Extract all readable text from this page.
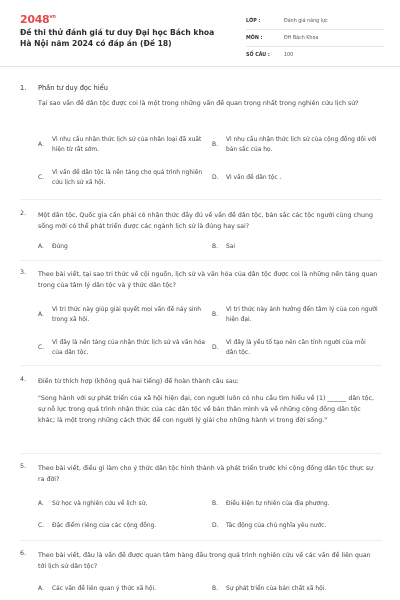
$2048^{vn}$
Đề thi thử đánh giá tư duy Đại học Bách khoa Hà Nội năm 2024 có đáp án (Đề 18)
LỚP :	Đánh giá năng lực
MÔN :	ĐH Bách Khoa
SỐ CÂU :	100
1. Phần tư duy đọc hiểu
Tại sao vấn đề dân tộc được coi là một trong những vấn đề quan trọng nhất trong nghiên cứu lịch sử?
A.
Vì nhu cầu nhận thức lịch sử của nhân loại đã xuất hiện từ rất sớm.
B.
Vì nhu cầu nhận thức lịch sử của cộng đồng dồi với bản sắc của họ.
C.
Vì vấn đề dân tộc là nền tảng cho quá trình nghiên cứu lịch sử xã hội.
D. Vì vấn đề dân tộc .
2. Một dân tộc, Quốc gia cần phải có nhận thức đầy đủ về vấn đề dân tộc, bản sắc các tộc người cùng chung sống mới có thể phát triển được các ngành lịch sử là đúng hay sai?
A. Đúng	B. Sai
3. Theo bài viết, tại sao tri thức về cội nguồn, lịch sử và văn hóa của dân tộc được coi là những nền tảng quan trọng của tâm lý dân tộc và ý thức dân tộc?
A.
Vì tri thức này giúp giải quyết mọi vấn đề nảy sinh trong xã hội.
B.
Vì tri thức này ảnh hưởng đến tâm lý của con người hiện đại.
C.
Vì đây là nền tảng của nhận thức lịch sử và văn hóa của dân tộc.
D.
Vì đây là yếu tố tạo nên căn tính người của mỗi dân tộc.
4. Điền từ thích hợp (không quá hai tiếng) để hoàn thành câu sau:
"Song hành với sự phát triển của xã hội hiện đại, con người luôn có nhu cầu tìm hiểu về (1) ______ dân tộc, sự nỗ lực trong quá trình nhận thức của các dân tộc về bản thân mình và về những cộng đồng dân tộc khác; là một trong những cách thức để con người lý giải cho những hành vi trong đời sống."
5. Theo bài viết, điều gì làm cho ý thức dân tộc hình thành và phát triển trước khi cộng đồng dân tộc thực sự ra đời?
A. Sử học và nghiên cứu về lịch sử.	B. Điều kiện tự nhiên của địa phương.
C. Đặc điểm riêng của các cộng đồng.	D. Tác động của chủ nghĩa yêu nước.
6. Theo bài viết, đâu là vấn đề được quan tâm hàng đầu trong quá trình nghiên cứu về các vấn đề liên quan tới lịch sử dân tộc?
A. Các vấn đề liên quan ý thức xã hội.	B. Sự phát triển của bản chất xã hội.
